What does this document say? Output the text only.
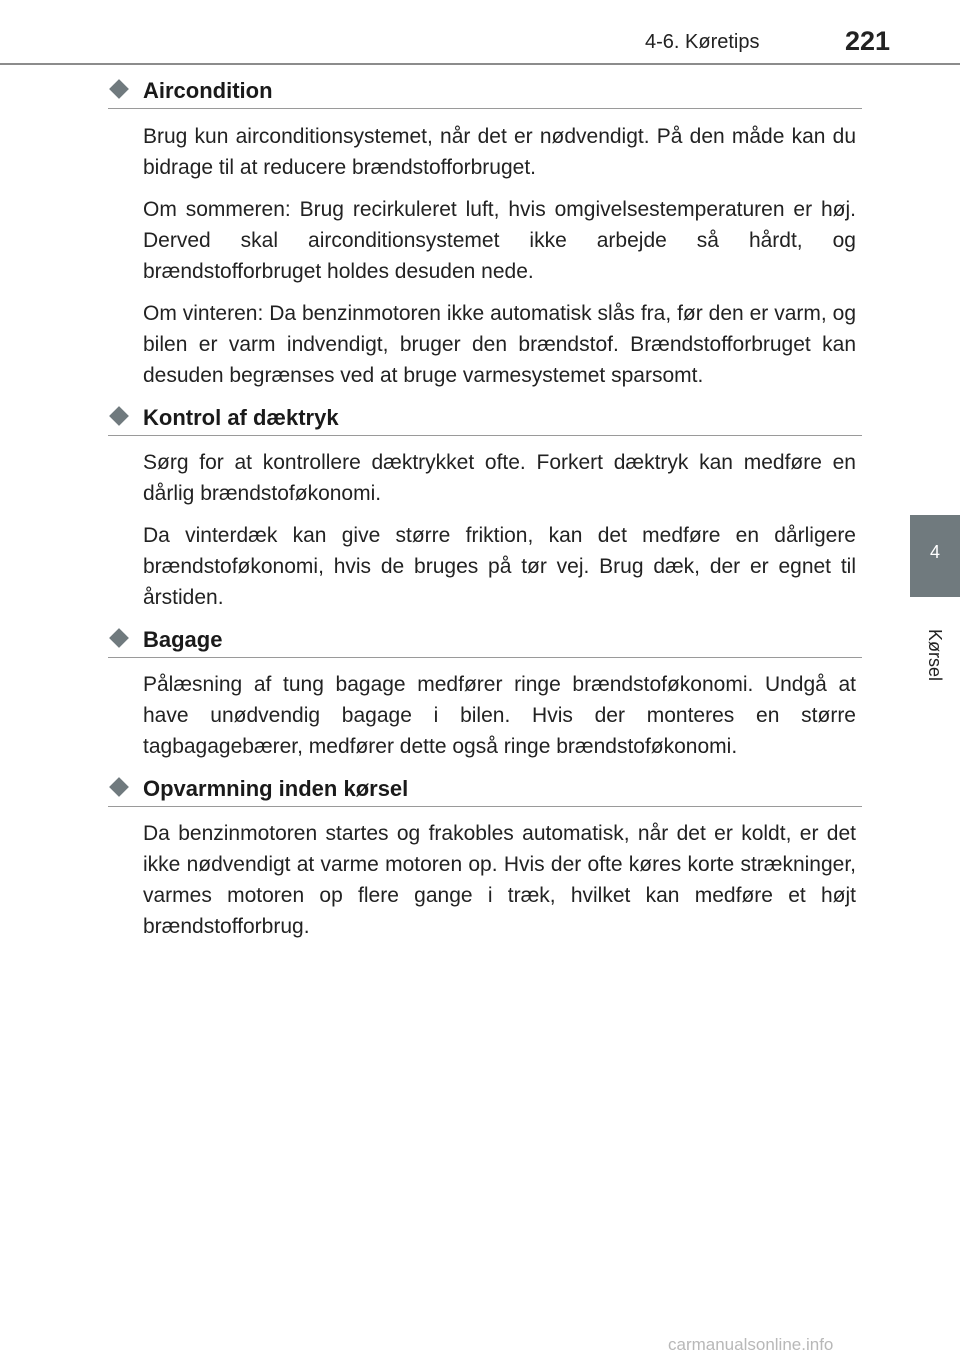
4-6. Køretips	221
4
Kørsel
Aircondition

Brug kun airconditionsystemet, når det er nødvendigt. På den måde kan du bidrage til at reducere brændstofforbruget.

Om sommeren: Brug recirkuleret luft, hvis omgivelsestemperaturen er høj. Derved skal airconditionsystemet ikke arbejde så hårdt, og brændstofforbruget holdes desuden nede.

Om vinteren: Da benzinmotoren ikke automatisk slås fra, før den er varm, og bilen er varm indvendigt, bruger den brændstof. Brændstofforbruget kan desuden begrænses ved at bruge varmesystemet sparsomt.

Kontrol af dæktryk

Sørg for at kontrollere dæktrykket ofte. Forkert dæktryk kan medføre en dårlig brændstoføkonomi.

Da vinterdæk kan give større friktion, kan det medføre en dårligere brændstoføkonomi, hvis de bruges på tør vej. Brug dæk, der er egnet til årstiden.

Bagage

Pålæsning af tung bagage medfører ringe brændstoføkonomi. Undgå at have unødvendig bagage i bilen. Hvis der monteres en større tagbagagebærer, medfører dette også ringe brændstoføkonomi.

Opvarmning inden kørsel

Da benzinmotoren startes og frakobles automatisk, når det er koldt, er det ikke nødvendigt at varme motoren op. Hvis der ofte køres korte strækninger, varmes motoren op flere gange i træk, hvilket kan medføre et højt brændstofforbrug.

carmanualsonline.info
